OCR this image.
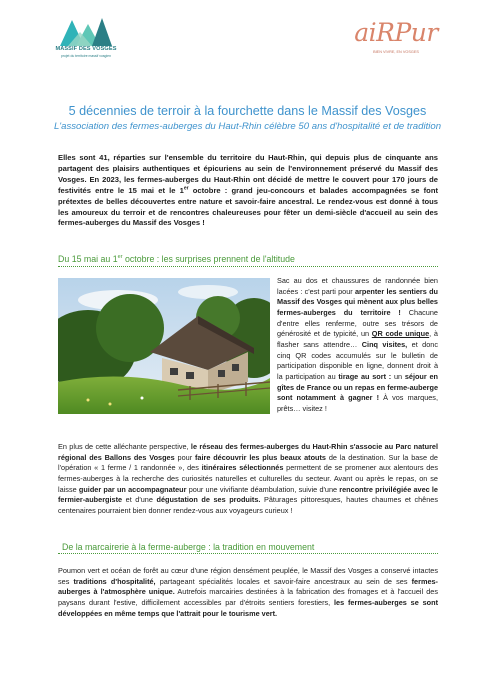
MASSIF DES VOSGES
projet du territoire massif vosgien
aiRPur
BIEN VIVRE, EN VOSGES
5 décennies de terroir à la fourchette dans le Massif des Vosges
L'association des fermes-auberges du Haut-Rhin célèbre 50 ans d'hospitalité et de tradition
Elles sont 41, réparties sur l'ensemble du territoire du Haut-Rhin, qui depuis plus de cinquante ans partagent des plaisirs authentiques et épicuriens au sein de l'environnement préservé du Massif des Vosges. En 2023, les fermes-auberges du Haut-Rhin ont décidé de mettre le couvert pour 170 jours de festivités entre le 15 mai et le 1er octobre : grand jeu-concours et balades accompagnées se font prétextes de belles découvertes entre nature et savoir-faire ancestral. Le rendez-vous est donné à tous les amoureux du terroir et de rencontres chaleureuses pour fêter un demi-siècle d'accueil au sein des fermes-auberges du Massif des Vosges !
Du 15 mai au 1er octobre : les surprises prennent de l'altitude
Sac au dos et chaussures de randonnée bien lacées : c'est parti pour arpenter les sentiers du Massif des Vosges qui mènent aux plus belles fermes-auberges du territoire ! Chacune d'entre elles renferme, outre ses trésors de générosité et de typicité, un QR code unique, à flasher sans attendre… Cinq visites, et donc cinq QR codes accumulés sur le bulletin de participation disponible en ligne, donnent droit à la participation au tirage au sort : un séjour en gîtes de France ou un repas en ferme-auberge sont notamment à gagner ! À vos marques, prêts… visitez !
En plus de cette alléchante perspective, le réseau des fermes-auberges du Haut-Rhin s'associe au Parc naturel régional des Ballons des Vosges pour faire découvrir les plus beaux atouts de la destination. Sur la base de l'opération « 1 ferme / 1 randonnée », des itinéraires sélectionnés permettent de se promener aux alentours des fermes-auberges à la recherche des curiosités naturelles et culturelles du secteur. Avant ou après le repas, on se laisse guider par un accompagnateur pour une vivifiante déambulation, suivie d'une rencontre privilégiée avec le fermier-aubergiste et d'une dégustation de ses produits. Pâturages pittoresques, hautes chaumes et chênes centenaires pourraient bien donner rendez-vous aux voyageurs curieux !
De la marcairerie à la ferme-auberge : la tradition en mouvement
Poumon vert et océan de forêt au cœur d'une région densément peuplée, le Massif des Vosges a conservé intactes ses traditions d'hospitalité, partageant spécialités locales et savoir-faire ancestraux au sein de ses fermes-auberges à l'atmosphère unique. Autrefois marcairies destinées à la fabrication des fromages et à l'accueil des paysans durant l'estive, difficilement accessibles par d'étroits sentiers forestiers, les fermes-auberges se sont développées en même temps que l'attrait pour le tourisme vert.
